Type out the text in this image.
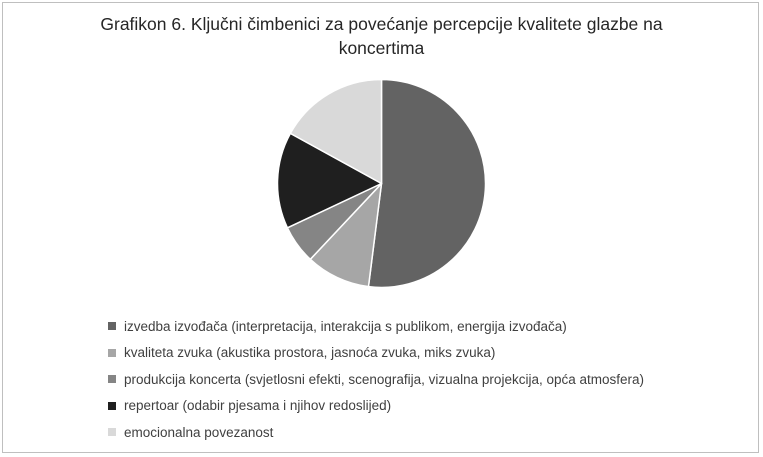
Grafikon 6. Ključni čimbenici za povećanje percepcije kvalitete glazbe na
koncertima
izvedba izvođača (interpretacija, interakcija s publikom, energija izvođača)
kvaliteta zvuka (akustika prostora, jasnoća zvuka, miks zvuka)
produkcija koncerta (svjetlosni efekti, scenografija, vizualna projekcija, opća atmosfera)
repertoar (odabir pjesama i njihov redoslijed)
emocionalna povezanost
